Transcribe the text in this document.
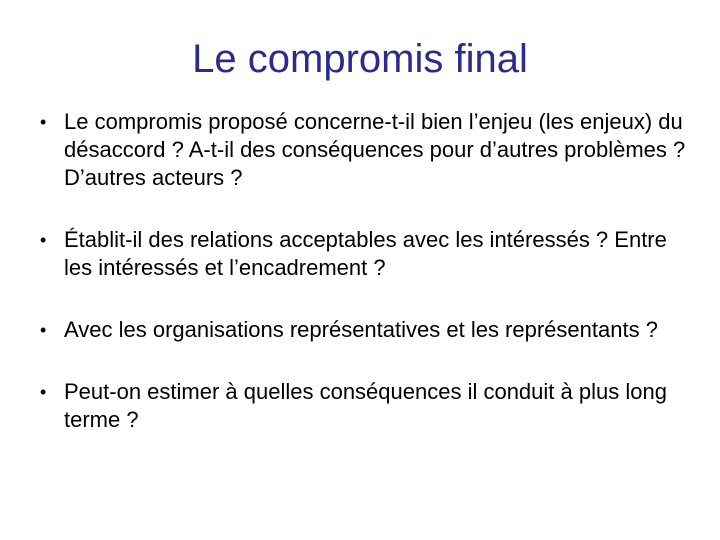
Le compromis final
• Le compromis proposé concerne-t-il bien l’enjeu (les enjeux) du désaccord ? A-t-il des conséquences pour d’autres problèmes ? D’autres acteurs ?
• Établit-il des relations acceptables avec les intéressés ? Entre les intéressés et l’encadrement ?
• Avec les organisations représentatives et les représentants ?
• Peut-on estimer à quelles conséquences il conduit à plus long terme ?
